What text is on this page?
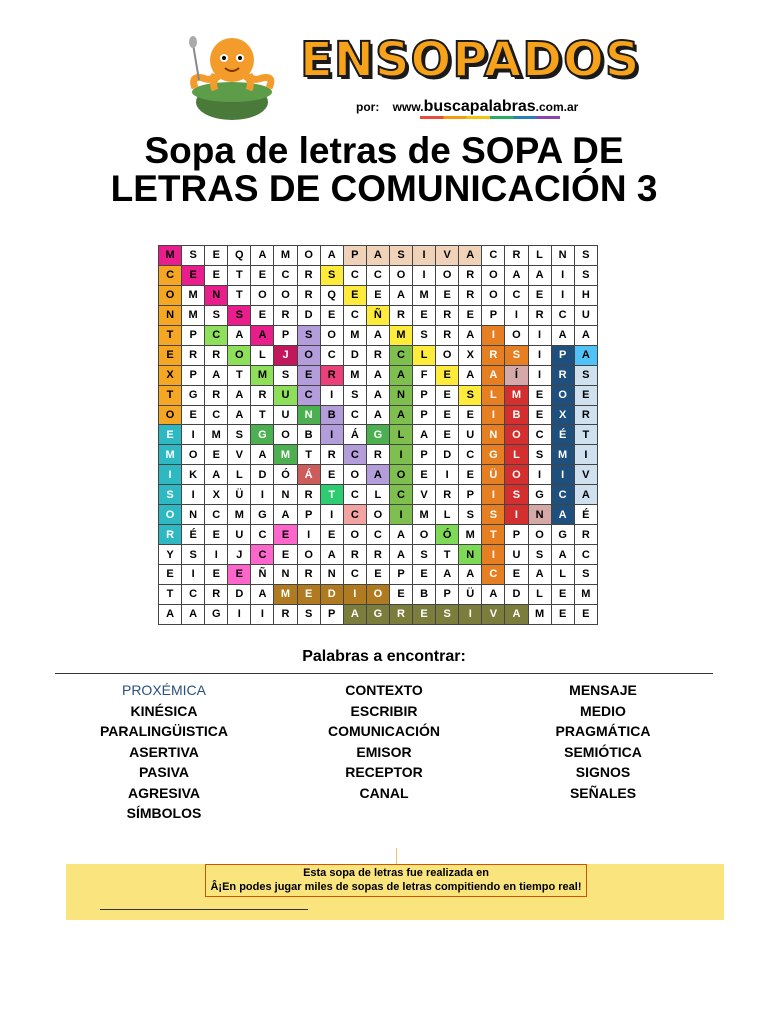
ENSOPADOS
por: www.buscapalabras.com.ar
Sopa de letras de SOPA DE
LETRAS DE COMUNICACIÓN 3
M	S	E	Q	A	M	O	A	P	A	S	I	V	A	C	R	L	N	S
C	E	E	T	E	C	R	S	C	C	O	I	O	R	O	A	A	I	S
O	M	N	T	O	O	R	Q	E	E	A	M	E	R	O	C	E	I	H
N	M	S	S	E	R	D	E	C	Ñ	R	E	R	E	P	I	R	C	U
T	P	C	A	A	P	S	O	M	A	M	S	R	A	I	O	I	A	A
E	R	R	O	L	J	O	C	D	R	C	L	O	X	R	S	I	P	A
X	P	A	T	M	S	E	R	M	A	A	F	E	A	A	Í	I	R	S
T	G	R	A	R	U	C	I	S	A	N	P	E	S	L	M	E	O	E
O	E	C	A	T	U	N	B	C	A	A	P	E	E	I	B	E	X	R
E	I	M	S	G	O	B	I	Á	G	L	A	E	U	N	O	C	É	T
M	O	E	V	A	M	T	R	C	R	I	P	D	C	G	L	S	M	I
I	K	A	L	D	Ó	Á	E	O	A	O	E	I	E	Ü	O	I	I	V
S	I	X	Ü	I	N	R	T	C	L	C	V	R	P	I	S	G	C	A
O	N	C	M	G	A	P	I	C	O	I	M	L	S	S	I	N	A	É
R	É	E	U	C	E	I	E	O	C	A	O	Ó	M	T	P	O	G	R
Y	S	I	J	C	E	O	A	R	R	A	S	T	N	I	U	S	A	C
E	I	E	E	Ñ	N	R	N	C	E	P	E	A	A	C	E	A	L	S
T	C	R	D	A	M	E	D	I	O	E	B	P	Ü	A	D	L	E	M
A	A	G	I	I	R	S	P	A	G	R	E	S	I	V	A	M	E	E
Palabras a encontrar:
PROXÉMICA
KINÉSICA
PARALINGÜISTICA
ASERTIVA
PASIVA
AGRESIVA
SÍMBOLOS
CONTEXTO
ESCRIBIR
COMUNICACIÓN
EMISOR
RECEPTOR
CANAL
MENSAJE
MEDIO
PRAGMÁTICA
SEMIÓTICA
SIGNOS
SEÑALES
Esta sopa de letras fue realizada en
Â¡En podes jugar miles de sopas de letras compitiendo en tiempo real!
